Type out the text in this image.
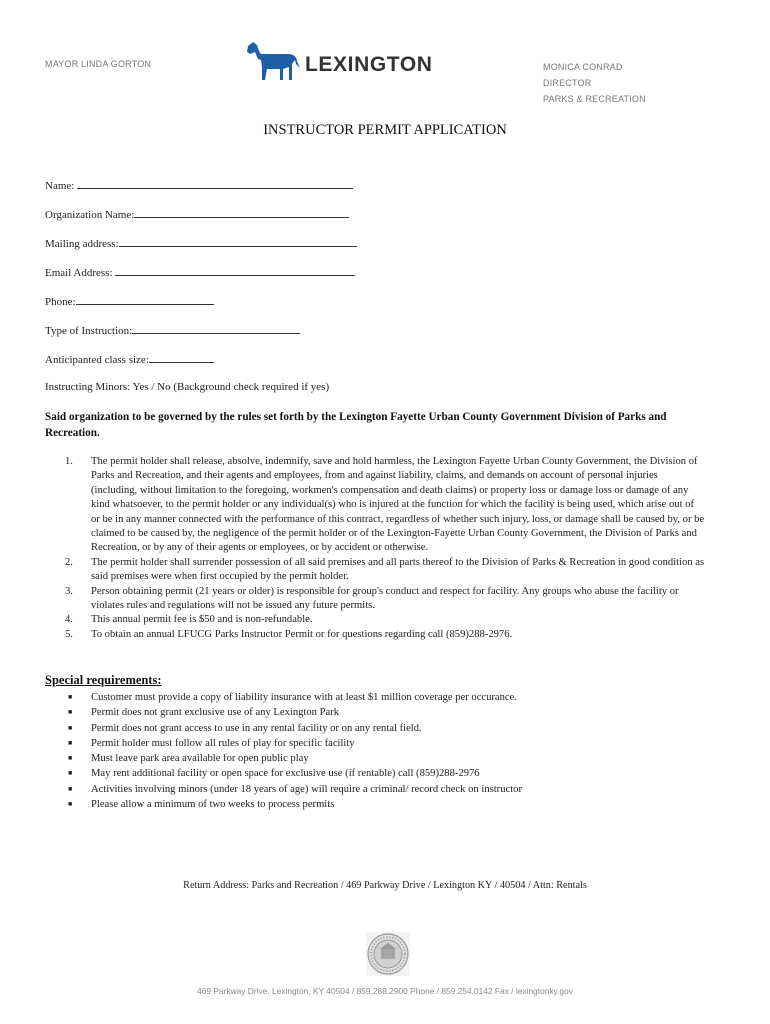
MAYOR LINDA GORTON	LEXINGTON	MONICA CONRAD
DIRECTOR
PARKS & RECREATION
INSTRUCTOR PERMIT APPLICATION
Name:
Organization Name:
Mailing address:
Email Address:
Phone:
Type of Instruction:
Anticipanted class size:
Instructing Minors: Yes / No (Background check required if yes)
Said organization to be governed by the rules set forth by the Lexington Fayette Urban County Government Division of Parks and Recreation.
1. The permit holder shall release, absolve, indemnify, save and hold harmless, the Lexington Fayette Urban County Government, the Division of Parks and Recreation, and their agents and employees, from and against liability, claims, and demands on account of personal injuries (including, without limitation to the foregoing, workmen's compensation and death claims) or property loss or damage loss or damage of any kind whatsoever, to the permit holder or any individual(s) who is injured at the function for which the facility is being used, which arise out of or be in any manner connected with the performance of this contract, regardless of whether such injury, loss, or damage shall be caused by, or be claimed to be caused by, the negligence of the permit holder or of the Lexington-Fayette Urban County Government, the Division of Parks and Recreation, or by any of their agents or employees, or by accident or otherwise.
2. The permit holder shall surrender possession of all said premises and all parts thereof to the Division of Parks & Recreation in good condition as said premises were when first occupied by the permit holder.
3. Person obtaining permit (21 years or older) is responsible for group's conduct and respect for facility. Any groups who abuse the facility or violates rules and regulations will not be issued any future permits.
4. This annual permit fee is $50 and is non-refundable.
5. To obtain an annual LFUCG Parks Instructor Permit or for questions regarding call (859)288-2976.
Special requirements:
■ Customer must provide a copy of liability insurance with at least $1 million coverage per occurance.
■ Permit does not grant exclusive use of any Lexington Park
■ Permit does not grant access to use in any rental facility or on any rental field.
■ Permit holder must follow all rules of play for specific facility
■ Must leave park area available for open public play
■ May rent additional facility or open space for exclusive use (if rentable) call (859)288-2976
■ Activities involving minors (under 18 years of age) will require a criminal/ record check on instructor
■ Please allow a minimum of two weeks to process permits
Return Address: Parks and Recreation / 469 Parkway Drive / Lexington KY / 40504 / Attn: Rentals
469 Parkway Drive, Lexington, KY 40504 / 859.288.2900 Phone / 859.254.0142 Fax / lexingtonky.gov
